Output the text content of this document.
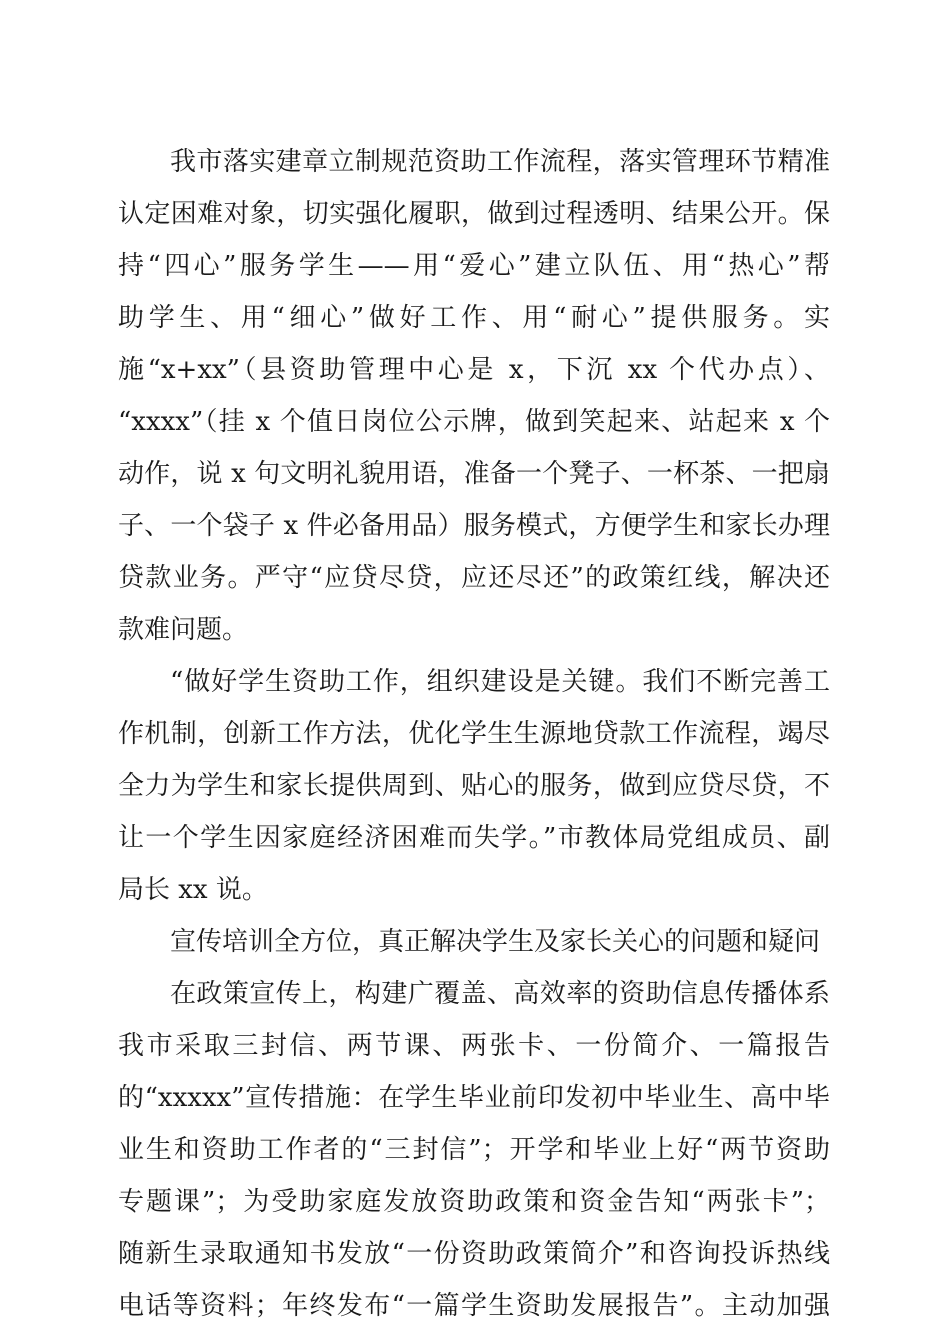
我市落实建章立制规范资助工作流程，落实管理环节精准
认定困难对象，切实强化履职，做到过程透明、结果公开。保
持“四心”服务学生——用“爱心”建立队伍、用“热心”帮
助学生、用“细心”做好工作、用“耐心”提供服务。实
施“x+xx”（县资助管理中心是 x，下沉 xx 个代办点）、
“xxxx”（挂 x 个值日岗位公示牌，做到笑起来、站起来 x 个
动作，说 x 句文明礼貌用语，准备一个凳子、一杯茶、一把扇
子、一个袋子 x 件必备用品）服务模式，方便学生和家长办理
贷款业务。严守“应贷尽贷，应还尽还”的政策红线，解决还
款难问题。
“做好学生资助工作，组织建设是关键。我们不断完善工
作机制，创新工作方法，优化学生生源地贷款工作流程，竭尽
全力为学生和家长提供周到、贴心的服务，做到应贷尽贷，不
让一个学生因家庭经济困难而失学。”市教体局党组成员、副
局长 xx 说。
宣传培训全方位，真正解决学生及家长关心的问题和疑问
在政策宣传上，构建广覆盖、高效率的资助信息传播体系
我市采取三封信、两节课、两张卡、一份简介、一篇报告
的“xxxxx”宣传措施：在学生毕业前印发初中毕业生、高中毕
业生和资助工作者的“三封信”；开学和毕业上好“两节资助
专题课”；为受助家庭发放资助政策和资金告知“两张卡”；
随新生录取通知书发放“一份资助政策简介”和咨询投诉热线
电话等资料；年终发布“一篇学生资助发展报告”。主动加强
